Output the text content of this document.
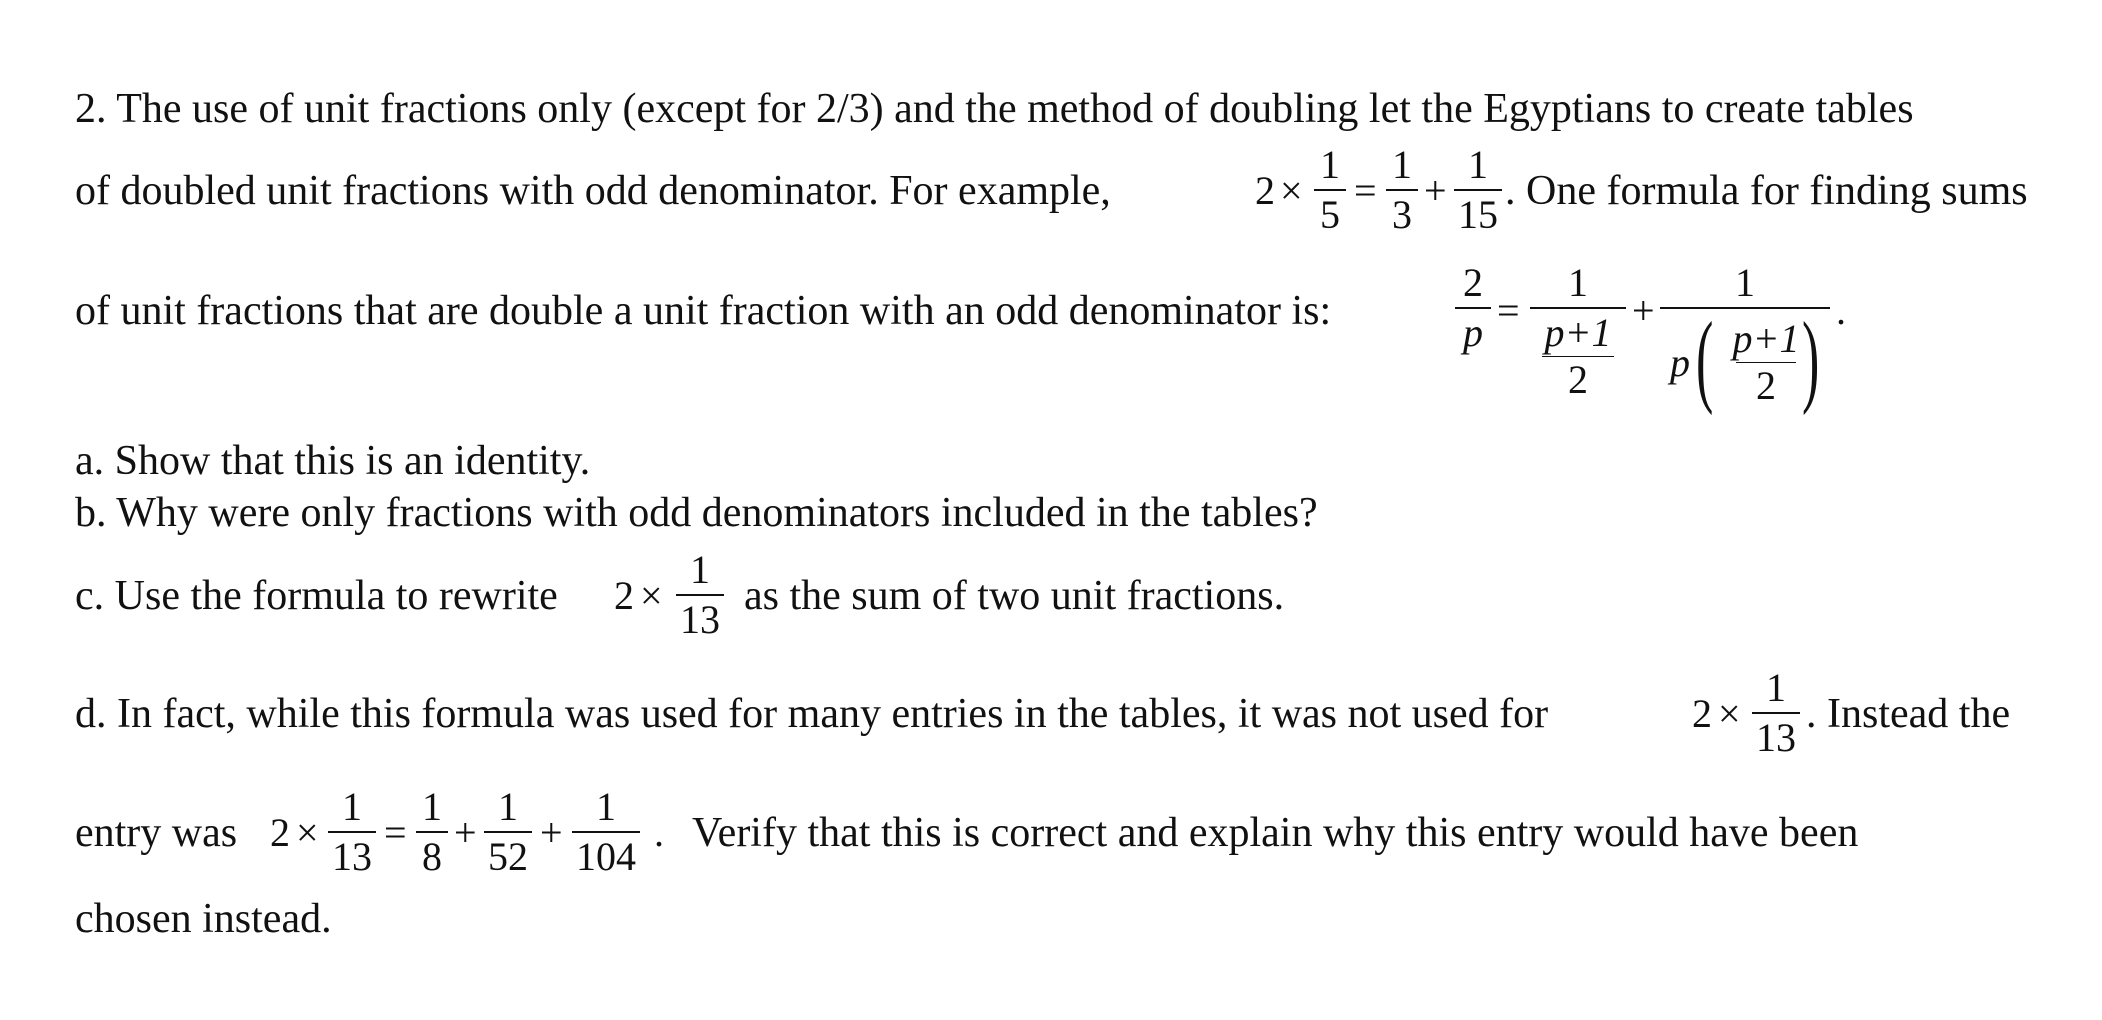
2. The use of unit fractions only (except for 2/3) and the method of doubling let the Egyptians to create tables
of doubled unit fractions with odd denominator. For example,	2 ×
1
5
=
1
3
+
1
15
. One formula for finding sums
of unit fractions that are double a unit fraction with an odd denominator is:
2
p =
1
p+1
2
+
1
p ( p+1
2 ) .
a. Show that this is an identity.
b. Why were only fractions with odd denominators included in the tables?
c. Use the formula to rewrite 2 ×
1
13
as the sum of two unit fractions.
d. In fact, while this formula was used for many entries in the tables, it was not used for	2 ×
1
13
. Instead the
entry was 2 ×
1
13
=
1
8
+
1
52
+
1
104
. Verify that this is correct and explain why this entry would have been
chosen instead.
